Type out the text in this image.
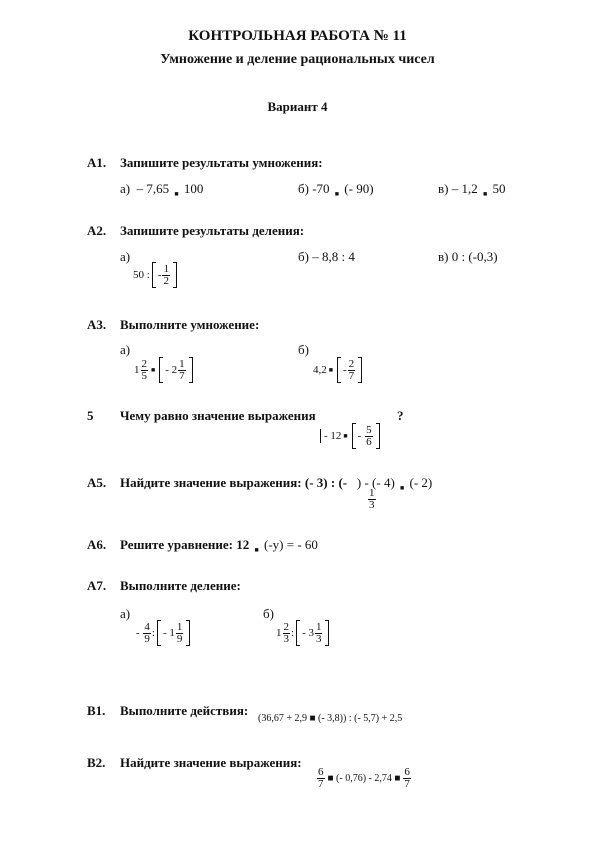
КОНТРОЛЬНАЯ РАБОТА № 11
Умножение и деление рациональных чисел
Вариант 4
А1. Запишите результаты умножения:
а) – 7,65 $_■$ 100	б) -70 $_■$ (- 90)	в) – 1,2 $_■$ 50
А2. Запишите результаты деления:
а)
50 : - $\frac{1}{2}$
б) – 8,8 : 4	в) 0 : (-0,3)
А3. Выполните умножение:
а)
$1 \frac{2}{5}$ ■ -
$2 \frac{1}{7}$
б)
4,2 ■ - $\frac{2}{7}$
5 Чему равно значение выражения	?
- 12 ■ -
$\frac{5}{6}$
А5. Найдите значение выражения: (- 3) : (- ) - (- 4) $_■$ (- 2)
$\frac{1}{3}$
А6. Решите уравнение: 12 $_■$ (-y) = - 60
А7. Выполните деление:
а)
-
$\frac{4}{9}$ : -
$1 \frac{1}{9}$
б)
$1 \frac{2}{3}$ : -
$3 \frac{1}{3}$
В1. Выполните действия:
(36,67 + 2,9 ■ (- 3,8)) : (- 5,7) + 2,5
В2. Найдите значение выражения:
$\frac{6}{7}$ ■ (- 0,76) - 2,74 ■ $\frac{6}{7}$
